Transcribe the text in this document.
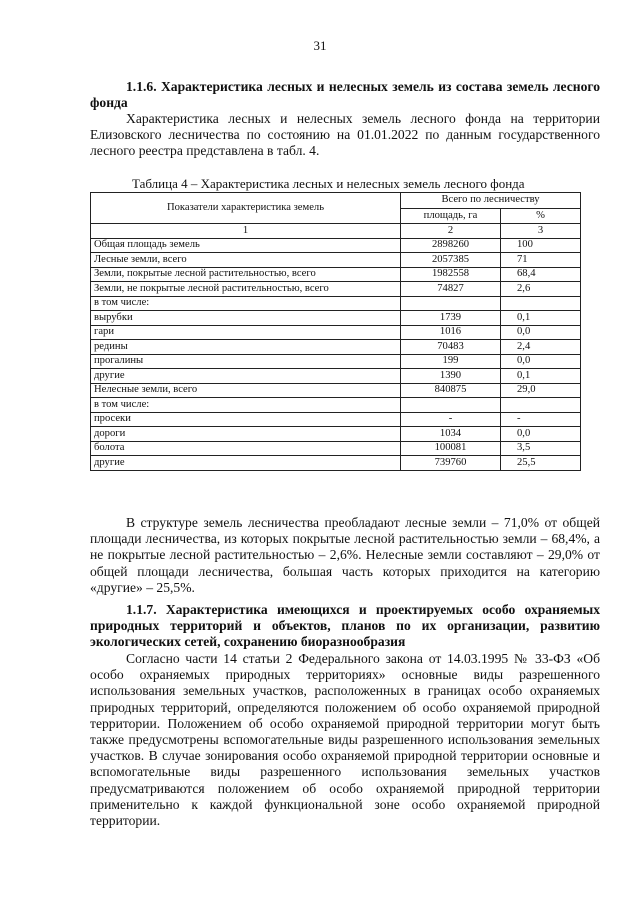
31
1.1.6. Характеристика лесных и нелесных земель из состава земель лесного фонда
Характеристика лесных и нелесных земель лесного фонда на территории Елизовского лесничества по состоянию на 01.01.2022 по данным государственного лесного реестра представлена в табл. 4.
Таблица 4 – Характеристика лесных и нелесных земель лесного фонда
Показатели характеристика земель	Всего по лесничеству	
	площадь, га	%
1	2	3
Общая площадь земель	2898260	100
Лесные земли, всего	2057385	71
Земли, покрытые лесной растительностью, всего	1982558	68,4
Земли, не покрытые лесной растительностью, всего	74827	2,6
в том числе:		
вырубки	1739	0,1
гари	1016	0,0
редины	70483	2,4
прогалины	199	0,0
другие	1390	0,1
Нелесные земли, всего	840875	29,0
в том числе:		
просеки	-	-
дороги	1034	0,0
болота	100081	3,5
другие	739760	25,5
В структуре земель лесничества преобладают лесные земли – 71,0% от общей площади лесничества, из которых покрытые лесной растительностью земли – 68,4%, а не покрытые лесной растительностью – 2,6%. Нелесные земли составляют – 29,0% от общей площади лесничества, большая часть которых приходится на категорию «другие» – 25,5%.
1.1.7. Характеристика имеющихся и проектируемых особо охраняемых природных территорий и объектов, планов по их организации, развитию экологических сетей, сохранению биоразнообразия
Согласно части 14 статьи 2 Федерального закона от 14.03.1995 № 33-ФЗ «Об особо охраняемых природных территориях» основные виды разрешенного использования земельных участков, расположенных в границах особо охраняемых природных территорий, определяются положением об особо охраняемой природной территории. Положением об особо охраняемой природной территории могут быть также предусмотрены вспомогательные виды разрешенного использования земельных участков. В случае зонирования особо охраняемой природной территории основные и вспомогательные виды разрешенного использования земельных участков предусматриваются положением об особо охраняемой природной территории применительно к каждой функциональной зоне особо охраняемой природной территории.
